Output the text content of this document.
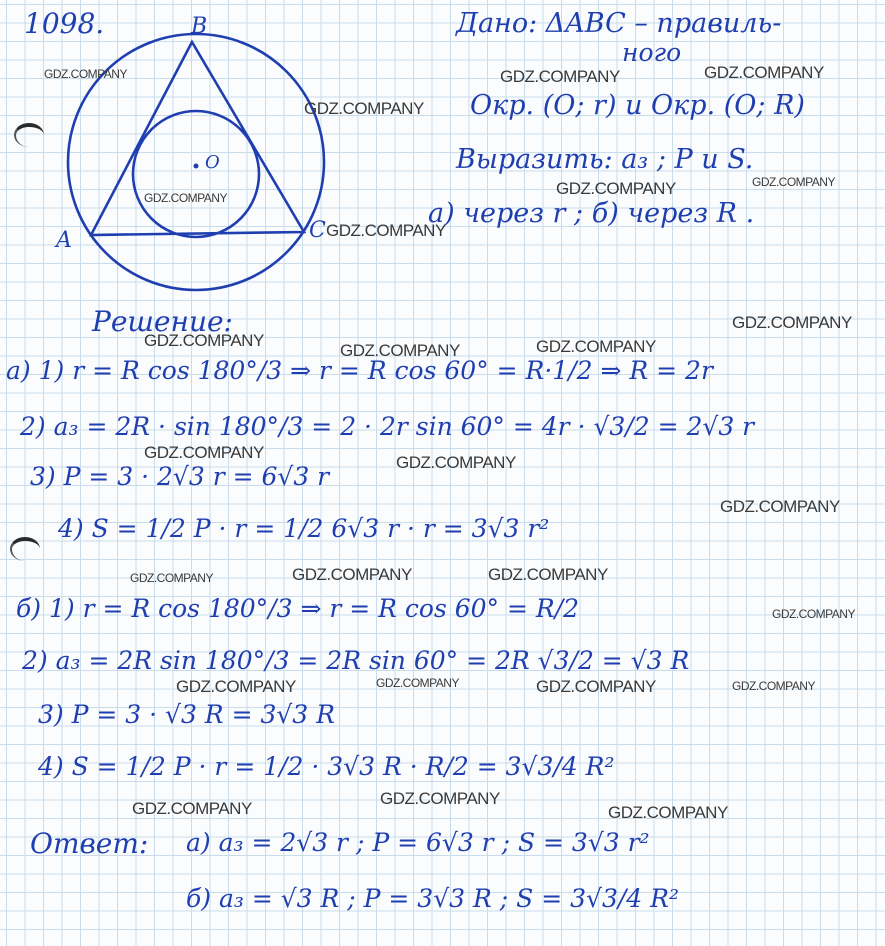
1098.	B
A	C
O
Дано: ΔABC – правиль-
ного
Окр. (O; r) и Окр. (O; R)
Выразить: a₃ ; P и S.
а) через r ; б) через R .
Решение:
а) 1) r = R cos 180°/3 ⇒ r = R cos 60° = R·1/2 ⇒ R = 2r
2) a₃ = 2R · sin 180°/3 = 2 · 2r sin 60° = 4r · √3/2 = 2√3 r
3) P = 3 · 2√3 r = 6√3 r
4) S = 1/2 P · r = 1/2 6√3 r · r = 3√3 r²
б) 1) r = R cos 180°/3 ⇒ r = R cos 60° = R/2
2) a₃ = 2R sin 180°/3 = 2R sin 60° = 2R √3/2 = √3 R
3) P = 3 · √3 R = 3√3 R
4) S = 1/2 P · r = 1/2 · 3√3 R · R/2 = 3√3/4 R²
Ответ: а) a₃ = 2√3 r ; P = 6√3 r ; S = 3√3 r²
б) a₃ = √3 R ; P = 3√3 R ; S = 3√3/4 R²
GDZ.COMPANY	GDZ.COMPANY	GDZ.COMPANY
GDZ.COMPANY
GDZ.COMPANY	GDZ.COMPANY	GDZ.COMPANY
GDZ.COMPANY
GDZ.COMPANY
GDZ.COMPANY
GDZ.COMPANY	GDZ.COMPANY
GDZ.COMPANY
GDZ.COMPANY
GDZ.COMPANY
GDZ.COMPANY	GDZ.COMPANY	GDZ.COMPANY
GDZ.COMPANY
GDZ.COMPANY	GDZ.COMPANY	GDZ.COMPANY	GDZ.COMPANY
GDZ.COMPANY
GDZ.COMPANY
GDZ.COMPANY
